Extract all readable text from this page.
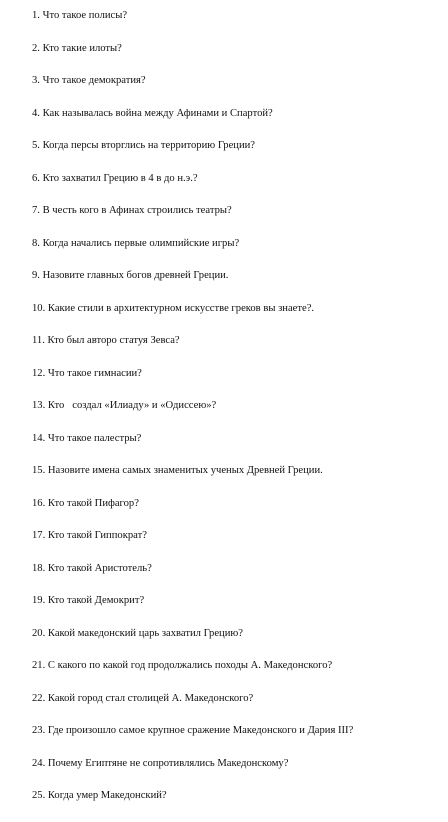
1. Что такое полисы?
2. Кто такие илоты?
3. Что такое демократия?
4. Как называлась война между Афинами и Спартой?
5. Когда персы вторглись на территорию Греции?
6. Кто захватил Грецию в 4 в до н.э.?
7. В честь кого в Афинах строились театры?
8. Когда начались первые олимпийские игры?
9. Назовите главных богов древней Греции.
10. Какие стили в архитектурном искусстве греков вы знаете?.
11. Кто был авторо статуя Зевса?
12. Что такое гимнасии?
13. Кто   создал «Илиаду» и «Одиссею»?
14. Что такое палестры?
15. Назовите имена самых знаменитых ученых Древней Греции.
16. Кто такой Пифагор?
17. Кто такой Гиппократ?
18. Кто такой Аристотель?
19. Кто такой Демокрит?
20. Какой македонский царь захватил Грецию?
21. С какого по какой год продолжались походы А. Македонского?
22. Какой город стал столицей А. Македонского?
23. Где произошло самое крупное сражение Македонского и Дария III?
24. Почему Египтяне не сопротивлялись Македонскому?
25. Когда умер Македонский?
